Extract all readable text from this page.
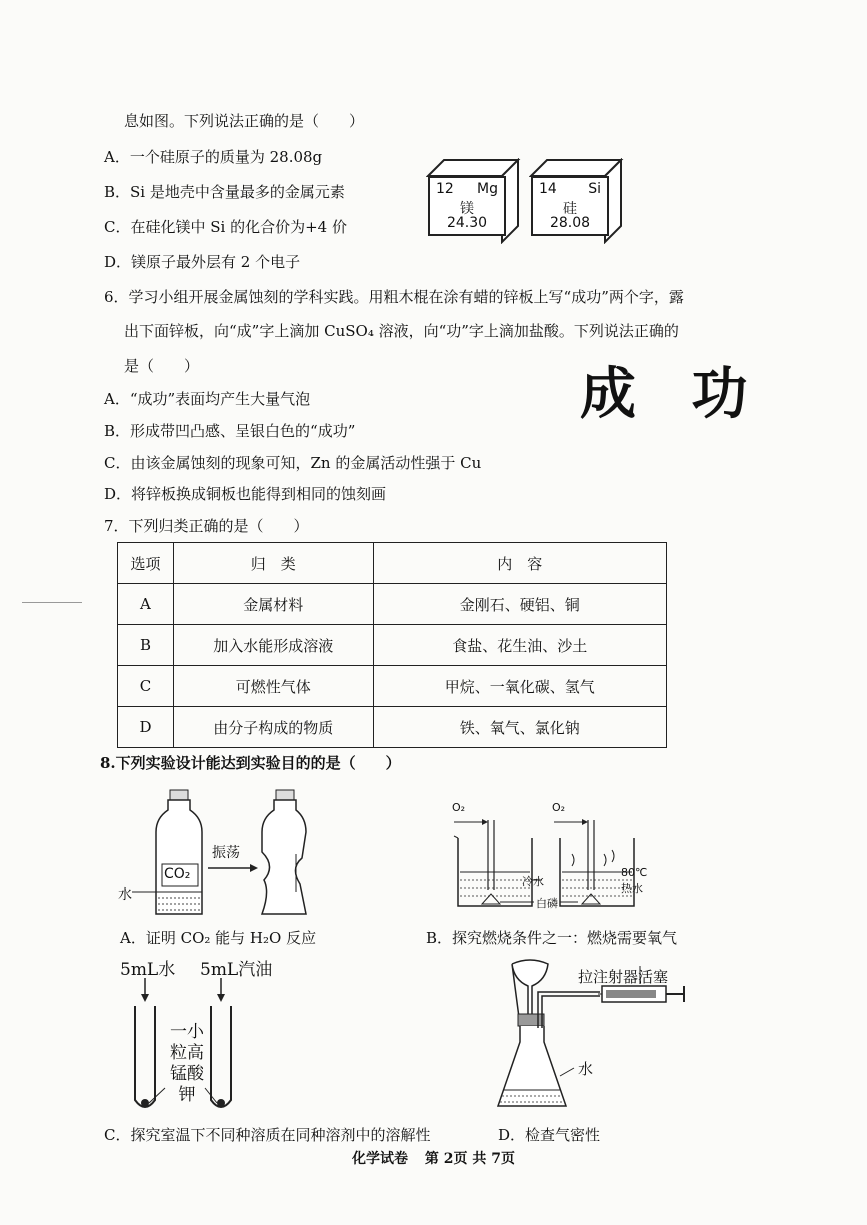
息如图。下列说法正确的是（　　）
A．一个硅原子的质量为 28.08g
B．Si 是地壳中含量最多的金属元素
C．在硅化镁中 Si 的化合价为+4 价
D．镁原子最外层有 2 个电子
12 Mg
镁
24.30
14 Si
硅
28.08
6．学习小组开展金属蚀刻的学科实践。用粗木棍在涂有蜡的锌板上写“成功”两个字，露
出下面锌板，向“成”字上滴加 CuSO₄ 溶液，向“功”字上滴加盐酸。下列说法正确的
是（　　）	成 功
A．“成功”表面均产生大量气泡
B．形成带凹凸感、呈银白色的“成功”
C．由该金属蚀刻的现象可知，Zn 的金属活动性强于 Cu
D．将锌板换成铜板也能得到相同的蚀刻画
7．下列归类正确的是（　　）
选项	归　类	内　容
A	金属材料	金刚石、硬铝、铜
B	加入水能形成溶液	食盐、花生油、沙土
C	可燃性气体	甲烷、一氧化碳、氢气
D	由分子构成的物质	铁、氧气、氯化钠
8.下列实验设计能达到实验目的的是（　　）
CO₂
振荡
水
A．证明 CO₂ 能与 H₂O 反应
O₂	O₂
冷水
80℃
热水
白磷
B．探究燃烧条件之一：燃烧需要氧气
5mL水 5mL汽油
一小
粒高
锰酸
钾
C．探究室温下不同种溶质在同种溶剂中的溶解性
拉注射器活塞
水
D．检查气密性
化学试卷 第 2页 共 7页
